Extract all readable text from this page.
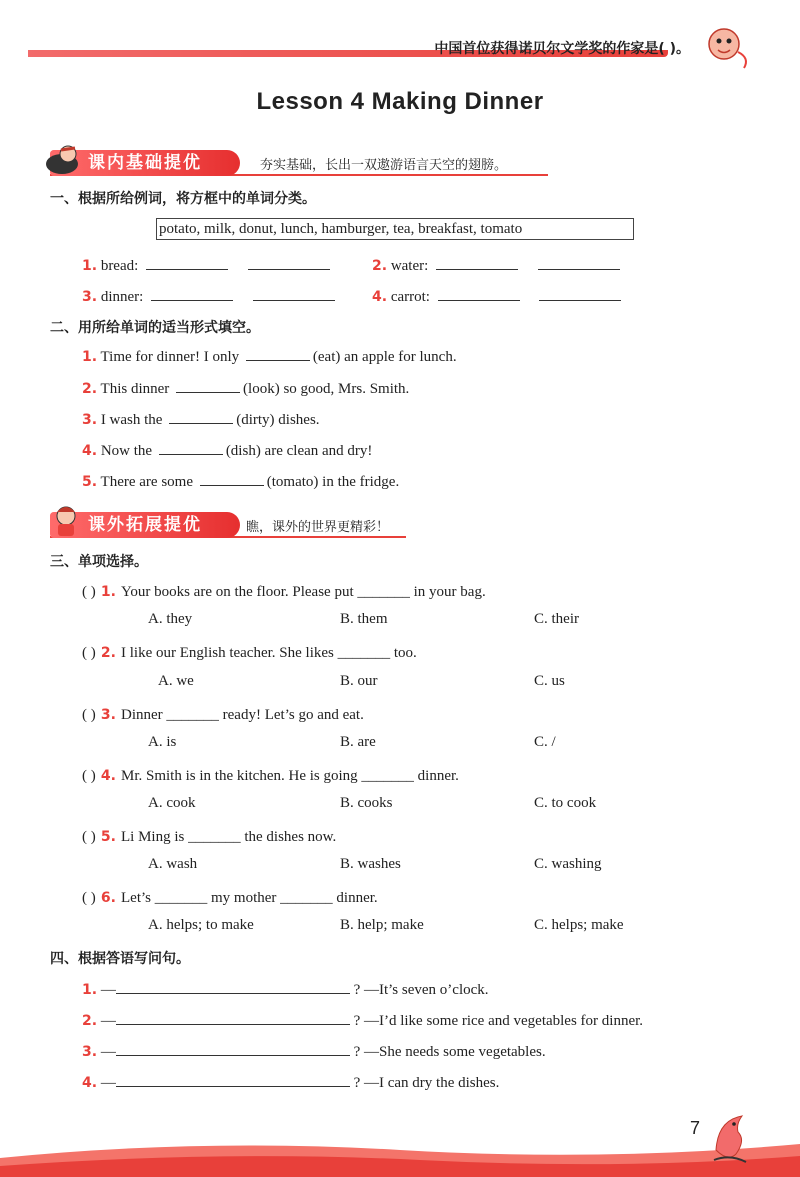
中国首位获得诺贝尔文学奖的作家是( )。
Lesson 4 Making Dinner
课内基础提优	夯实基础，长出一双遨游语言天空的翅膀。
一、根据所给例词，将方框中的单词分类。
potato, milk, donut, lunch, hamburger, tea, breakfast, tomato
1. bread:	2. water:
3. dinner:	4. carrot:
二、用所给单词的适当形式填空。
1. Time for dinner! I only	(eat) an apple for lunch.
2. This dinner	(look) so good, Mrs. Smith.
3. I wash the	(dirty) dishes.
4. Now the	(dish) are clean and dry!
5. There are some	(tomato) in the fridge.
课外拓展提优	瞧，课外的世界更精彩！
三、单项选择。
( ) 1. Your books are on the floor. Please put _______ in your bag.
A. they	B. them	C. their
( ) 2. I like our English teacher. She likes _______ too.
A. we	B. our	C. us
( ) 3. Dinner _______ ready! Let’s go and eat.
A. is	B. are	C. /
( ) 4. Mr. Smith is in the kitchen. He is going _______ dinner.
A. cook	B. cooks	C. to cook
( ) 5. Li Ming is _______ the dishes now.
A. wash	B. washes	C. washing
( ) 6. Let’s _______ my mother _______ dinner.
A. helps; to make	B. help; make	C. helps; make
四、根据答语写问句。
1. —	? —It’s seven o’clock.
2. —	? —I’d like some rice and vegetables for dinner.
3. —	? —She needs some vegetables.
4. —	? —I can dry the dishes.
7
